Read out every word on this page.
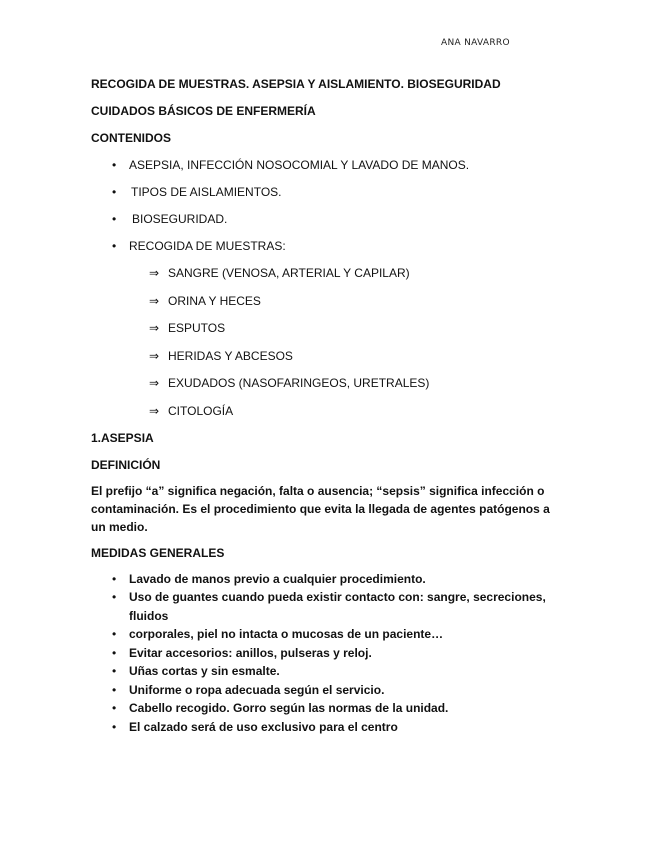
ANA NAVARRO

RECOGIDA DE MUESTRAS. ASEPSIA Y AISLAMIENTO. BIOSEGURIDAD

CUIDADOS BÁSICOS DE ENFERMERÍA

CONTENIDOS

• ASEPSIA, INFECCIÓN NOSOCOMIAL Y LAVADO DE MANOS.
• TIPOS DE AISLAMIENTOS.
• BIOSEGURIDAD.
• RECOGIDA DE MUESTRAS:
⇒ SANGRE (VENOSA, ARTERIAL Y CAPILAR)
⇒ ORINA Y HECES
⇒ ESPUTOS
⇒ HERIDAS Y ABCESOS
⇒ EXUDADOS (NASOFARINGEOS, URETRALES)
⇒ CITOLOGÍA

1.ASEPSIA

DEFINICIÓN

El prefijo “a” significa negación, falta o ausencia; “sepsis” significa infección o contaminación. Es el procedimiento que evita la llegada de agentes patógenos a un medio.

MEDIDAS GENERALES

• Lavado de manos previo a cualquier procedimiento.
• Uso de guantes cuando pueda existir contacto con: sangre, secreciones, fluidos
• corporales, piel no intacta o mucosas de un paciente…
• Evitar accesorios: anillos, pulseras y reloj.
• Uñas cortas y sin esmalte.
• Uniforme o ropa adecuada según el servicio.
• Cabello recogido. Gorro según las normas de la unidad.
• El calzado será de uso exclusivo para el centro
